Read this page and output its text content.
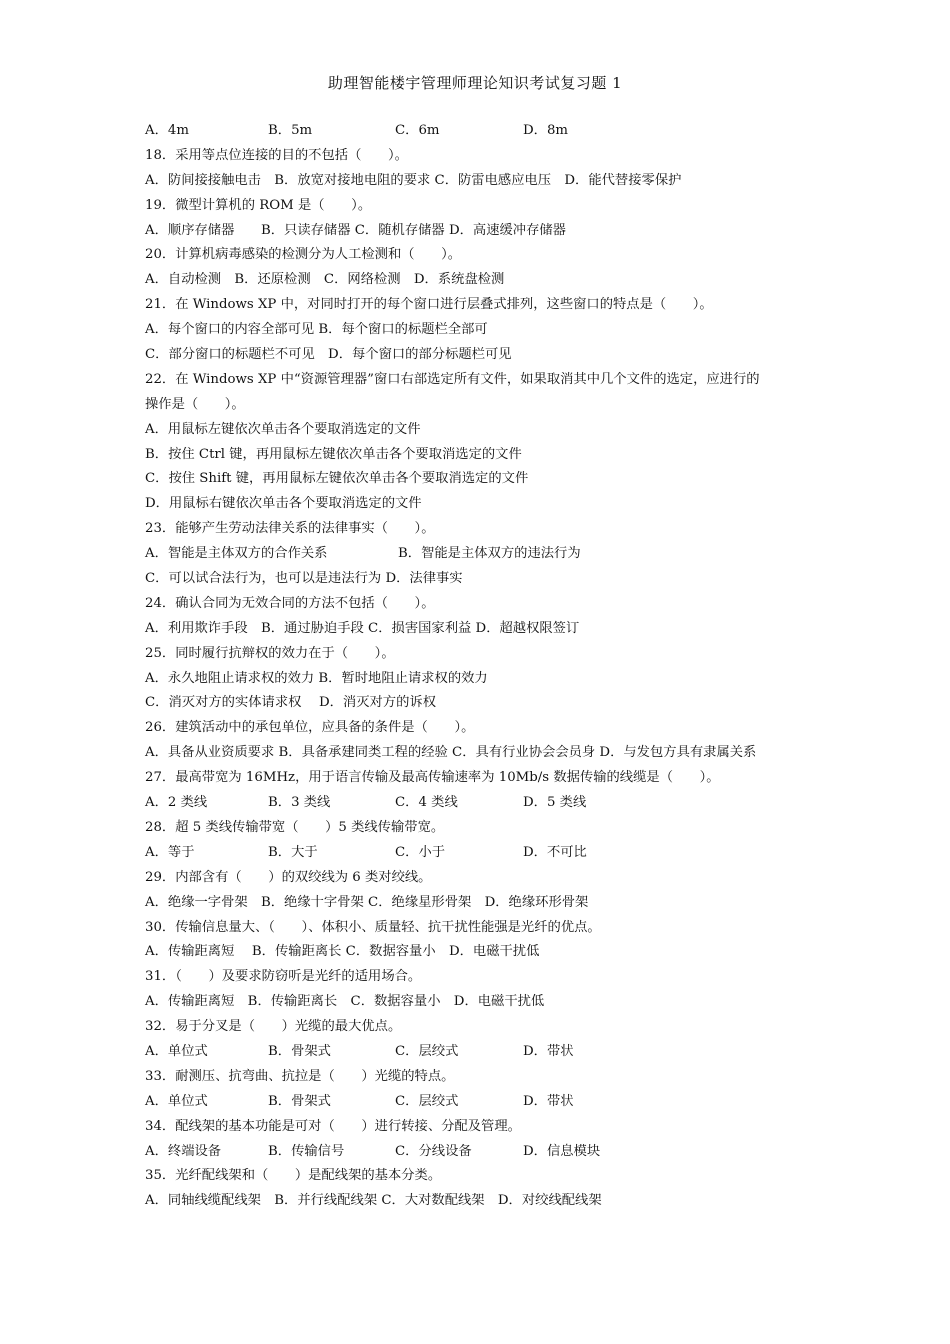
助理智能楼宇管理师理论知识考试复习题 1
A．4m	B．5m	C．6m	D．8m
18．采用等点位连接的目的不包括（　　）。
A．防间接接触电击　B．放宽对接地电阻的要求 C．防雷电感应电压　D．能代替接零保护
19．微型计算机的 ROM 是（　　）。
A．顺序存储器　　B．只读存储器 C．随机存储器 D．高速缓冲存储器
20．计算机病毒感染的检测分为人工检测和（　　）。
A．自动检测　B．还原检测　C．网络检测　D．系统盘检测
21．在 Windows XP 中，对同时打开的每个窗口进行层叠式排列，这些窗口的特点是（　　）。
A．每个窗口的内容全部可见 B．每个窗口的标题栏全部可
C．部分窗口的标题栏不可见　D．每个窗口的部分标题栏可见
22．在 Windows XP 中“资源管理器”窗口右部选定所有文件，如果取消其中几个文件的选定，应进行的
操作是（　　）。
A．用鼠标左键依次单击各个要取消选定的文件
B．按住 Ctrl 键，再用鼠标左键依次单击各个要取消选定的文件
C．按住 Shift 键，再用鼠标左键依次单击各个要取消选定的文件
D．用鼠标右键依次单击各个要取消选定的文件
23．能够产生劳动法律关系的法律事实（　　）。
A．智能是主体双方的合作关系	B．智能是主体双方的违法行为
C．可以试合法行为，也可以是违法行为 D．法律事实
24．确认合同为无效合同的方法不包括（　　）。
A．利用欺诈手段　B．通过胁迫手段 C．损害国家利益 D．超越权限签订
25．同时履行抗辩权的效力在于（　　）。
A．永久地阻止请求权的效力 B．暂时地阻止请求权的效力
C．消灭对方的实体请求权　 D．消灭对方的诉权
26．建筑活动中的承包单位，应具备的条件是（　　）。
A．具备从业资质要求 B．具备承建同类工程的经验 C．具有行业协会会员身 D．与发包方具有隶属关系
27．最高带宽为 16MHz，用于语言传输及最高传输速率为 10Mb/s 数据传输的线缆是（　　）。
A．2 类线	B．3 类线	C．4 类线	D．5 类线
28．超 5 类线传输带宽（　　）5 类线传输带宽。
A．等于	B．大于	C．小于	D．不可比
29．内部含有（　　）的双绞线为 6 类对绞线。
A．绝缘一字骨架　B．绝缘十字骨架 C．绝缘星形骨架　D．绝缘环形骨架
30．传输信息量大、（　　）、体积小、质量轻、抗干扰性能强是光纤的优点。
A．传输距离短　 B．传输距离长 C．数据容量小　D．电磁干扰低
31．（　　）及要求防窃听是光纤的适用场合。
A．传输距离短　B．传输距离长　C．数据容量小　D．电磁干扰低
32．易于分叉是（　　）光缆的最大优点。
A．单位式	B．骨架式	C．层绞式	D．带状
33．耐测压、抗弯曲、抗拉是（　　）光缆的特点。
A．单位式	B．骨架式	C．层绞式	D．带状
34．配线架的基本功能是可对（　　）进行转接、分配及管理。
A．终端设备	B．传输信号	C．分线设备	D．信息模块
35．光纤配线架和（　　）是配线架的基本分类。
A．同轴线缆配线架　B．并行线配线架 C．大对数配线架　D．对绞线配线架
